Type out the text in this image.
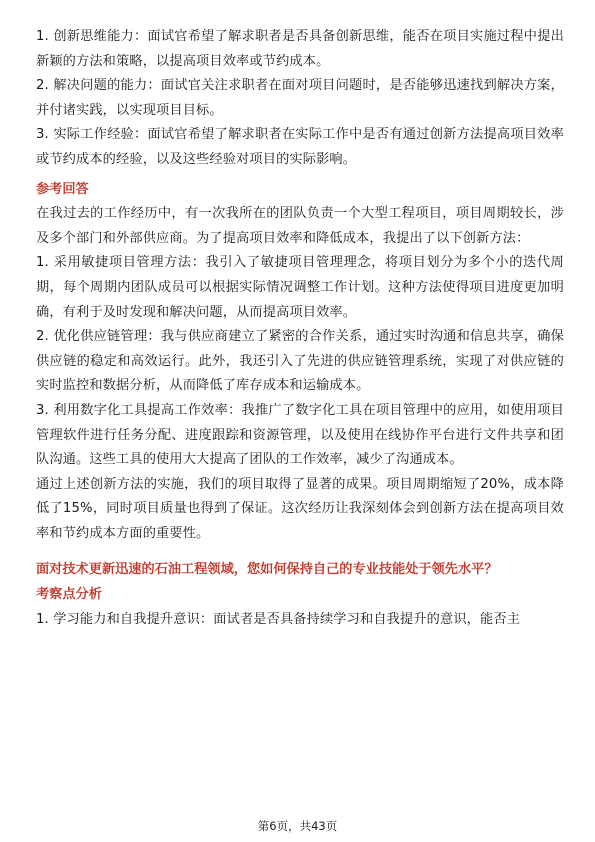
1. 创新思维能力：面试官希望了解求职者是否具备创新思维，能否在项目实施过程中提出新颖的方法和策略，以提高项目效率或节约成本。

2. 解决问题的能力：面试官关注求职者在面对项目问题时，是否能够迅速找到解决方案，并付诸实践，以实现项目目标。

3. 实际工作经验：面试官希望了解求职者在实际工作中是否有通过创新方法提高项目效率或节约成本的经验，以及这些经验对项目的实际影响。

参考回答

在我过去的工作经历中，有一次我所在的团队负责一个大型工程项目，项目周期较长，涉及多个部门和外部供应商。为了提高项目效率和降低成本，我提出了以下创新方法：

1. 采用敏捷项目管理方法：我引入了敏捷项目管理理念，将项目划分为多个小的迭代周期，每个周期内团队成员可以根据实际情况调整工作计划。这种方法使得项目进度更加明确，有利于及时发现和解决问题，从而提高项目效率。

2. 优化供应链管理：我与供应商建立了紧密的合作关系，通过实时沟通和信息共享，确保供应链的稳定和高效运行。此外，我还引入了先进的供应链管理系统，实现了对供应链的实时监控和数据分析，从而降低了库存成本和运输成本。

3. 利用数字化工具提高工作效率：我推广了数字化工具在项目管理中的应用，如使用项目管理软件进行任务分配、进度跟踪和资源管理，以及使用在线协作平台进行文件共享和团队沟通。这些工具的使用大大提高了团队的工作效率，减少了沟通成本。

通过上述创新方法的实施，我们的项目取得了显著的成果。项目周期缩短了20%，成本降低了15%，同时项目质量也得到了保证。这次经历让我深刻体会到创新方法在提高项目效率和节约成本方面的重要性。

面对技术更新迅速的石油工程领域，您如何保持自己的专业技能处于领先水平？

考察点分析

1. 学习能力和自我提升意识：面试者是否具备持续学习和自我提升的意识，能否主

第6页，共43页
